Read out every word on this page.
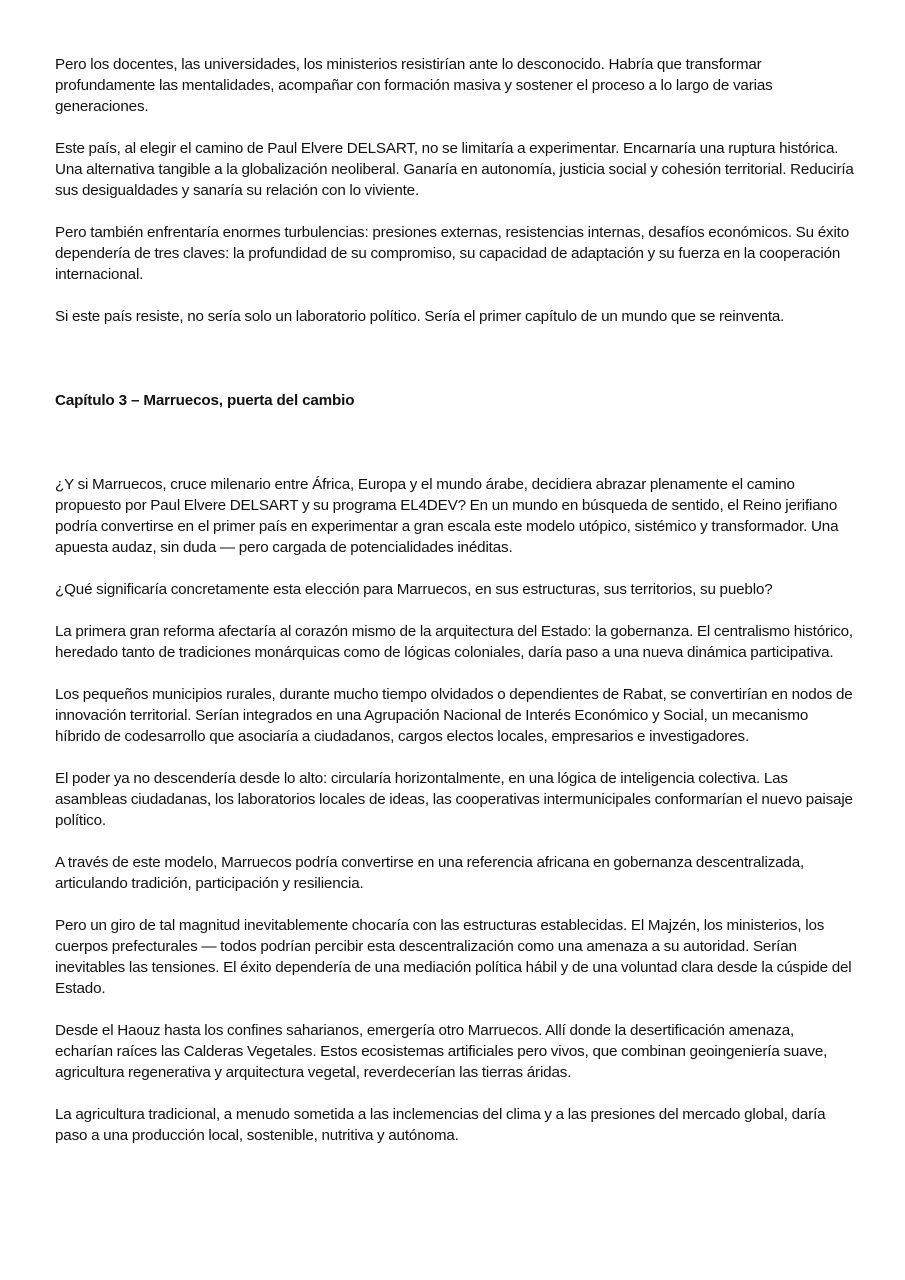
Pero los docentes, las universidades, los ministerios resistirían ante lo desconocido. Habría que transformar profundamente las mentalidades, acompañar con formación masiva y sostener el proceso a lo largo de varias generaciones.

Este país, al elegir el camino de Paul Elvere DELSART, no se limitaría a experimentar. Encarnaría una ruptura histórica. Una alternativa tangible a la globalización neoliberal. Ganaría en autonomía, justicia social y cohesión territorial. Reduciría sus desigualdades y sanaría su relación con lo viviente.

Pero también enfrentaría enormes turbulencias: presiones externas, resistencias internas, desafíos económicos. Su éxito dependería de tres claves: la profundidad de su compromiso, su capacidad de adaptación y su fuerza en la cooperación internacional.

Si este país resiste, no sería solo un laboratorio político. Sería el primer capítulo de un mundo que se reinventa.

Capítulo 3 – Marruecos, puerta del cambio

¿Y si Marruecos, cruce milenario entre África, Europa y el mundo árabe, decidiera abrazar plenamente el camino propuesto por Paul Elvere DELSART y su programa EL4DEV? En un mundo en búsqueda de sentido, el Reino jerifiano podría convertirse en el primer país en experimentar a gran escala este modelo utópico, sistémico y transformador. Una apuesta audaz, sin duda — pero cargada de potencialidades inéditas.

¿Qué significaría concretamente esta elección para Marruecos, en sus estructuras, sus territorios, su pueblo?

La primera gran reforma afectaría al corazón mismo de la arquitectura del Estado: la gobernanza. El centralismo histórico, heredado tanto de tradiciones monárquicas como de lógicas coloniales, daría paso a una nueva dinámica participativa.

Los pequeños municipios rurales, durante mucho tiempo olvidados o dependientes de Rabat, se convertirían en nodos de innovación territorial. Serían integrados en una Agrupación Nacional de Interés Económico y Social, un mecanismo híbrido de codesarrollo que asociaría a ciudadanos, cargos electos locales, empresarios e investigadores.

El poder ya no descendería desde lo alto: circularía horizontalmente, en una lógica de inteligencia colectiva. Las asambleas ciudadanas, los laboratorios locales de ideas, las cooperativas intermunicipales conformarían el nuevo paisaje político.

A través de este modelo, Marruecos podría convertirse en una referencia africana en gobernanza descentralizada, articulando tradición, participación y resiliencia.

Pero un giro de tal magnitud inevitablemente chocaría con las estructuras establecidas. El Majzén, los ministerios, los cuerpos prefecturales — todos podrían percibir esta descentralización como una amenaza a su autoridad. Serían inevitables las tensiones. El éxito dependería de una mediación política hábil y de una voluntad clara desde la cúspide del Estado.

Desde el Haouz hasta los confines saharianos, emergería otro Marruecos. Allí donde la desertificación amenaza, echarían raíces las Calderas Vegetales. Estos ecosistemas artificiales pero vivos, que combinan geoingeniería suave, agricultura regenerativa y arquitectura vegetal, reverdecerían las tierras áridas.

La agricultura tradicional, a menudo sometida a las inclemencias del clima y a las presiones del mercado global, daría paso a una producción local, sostenible, nutritiva y autónoma.
